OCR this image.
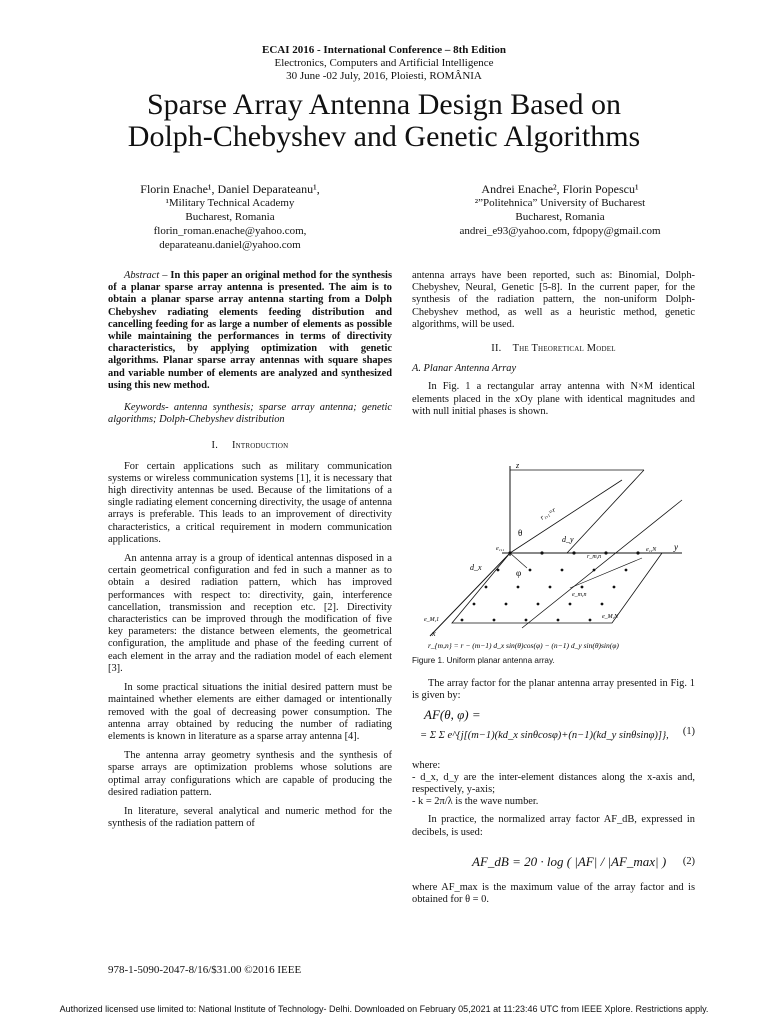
ECAI 2016 - International Conference – 8th Edition
Electronics, Computers and Artificial Intelligence
30 June -02 July, 2016, Ploiesti, ROMÂNIA
Sparse Array Antenna Design Based on
Dolph-Chebyshev and Genetic Algorithms
Florin Enache¹, Daniel Deparateanu¹,
¹Military Technical Academy
Bucharest, Romania
florin_roman.enache@yahoo.com,
deparateanu.daniel@yahoo.com
Andrei Enache², Florin Popescu¹
²”Politehnica” University of Bucharest
Bucharest, Romania
andrei_e93@yahoo.com, fdpopy@gmail.com

Abstract – In this paper an original method for the synthesis of a planar sparse array antenna is presented. The aim is to obtain a planar sparse array antenna starting from a Dolph Chebyshev radiating elements feeding distribution and cancelling feeding for as large a number of elements as possible while maintaining the performances in terms of directivity characteristics, by applying optimization with genetic algorithms. Planar sparse array antennas with square shapes and variable number of elements are analyzed and synthesized using this new method.

Keywords- antenna synthesis; sparse array antenna; genetic algorithms; Dolph-Chebyshev distribution

I. Introduction

For certain applications such as military communication systems or wireless communication systems [1], it is necessary that high directivity antennas be used. Because of the limitations of a single radiating element concerning directivity, the usage of antenna arrays is preferable. This leads to an improvement of directivity characteristics, a critical requirement in modern communication applications.

An antenna array is a group of identical antennas disposed in a certain geometrical configuration and fed in such a manner as to obtain a desired radiation pattern, which has improved performances with respect to: directivity, gain, interference cancellation, transmission and reception etc. [2]. Directivity characteristics can be improved through the modification of five key parameters: the distance between elements, the geometrical configuration, the amplitude and phase of the feeding current of each element in the array and the radiation model of each element [3].

In some practical situations the initial desired pattern must be maintained whether elements are either damaged or intentionally removed with the goal of decreasing power consumption. The antenna array obtained by reducing the number of radiating elements is known in literature as a sparse array antenna [4].

The antenna array geometry synthesis and the synthesis of sparse arrays are optimization problems whose solutions are optimal array configurations which are capable of producing the desired radiation pattern.

In literature, several analytical and numeric method for the synthesis of the radiation pattern of

antenna arrays have been reported, such as: Binomial, Dolph-Chebyshev, Neural, Genetic [5-8]. In the current paper, for the synthesis of the radiation pattern, the non-uniform Dolph-Chebyshev method, as well as a heuristic method, genetic algorithms, will be used.

II. The Theoretical Model
A. Planar Antenna Array

In Fig. 1 a rectangular array antenna with N×M identical elements placed in the xOy plane with identical magnitudes and with null initial phases is shown.

z
y
x
θ
φ
r₁,₁=r
d_y
d_x
e₁,₁	e₁,N
r_m,n
e_m,n
e_M,N
e_M,1
r_{m,n} = r − (m−1) d_x sin(θ)cos(φ) − (n−1) d_y sin(θ)sin(φ)
Figure 1. Uniform planar antenna array.

The array factor for the planar antenna array presented in Fig. 1 is given by:

AF(θ, φ) =
= Σ Σ e^{j[(m−1)(kd_x sinθcosφ)+(n−1)(kd_y sinθsinφ)]}, (1)

where:

- d_x, d_y are the inter-element distances along the x-axis and, respectively, y-axis;

- k = 2π/λ is the wave number.

In practice, the normalized array factor AF_dB, expressed in decibels, is used:

AF_dB = 20 · log ( |AF| / |AF_max| ) (2)

where AF_max is the maximum value of the array factor and is obtained for θ = 0.

978-1-5090-2047-8/16/$31.00 ©2016 IEEE
Authorized licensed use limited to: National Institute of Technology- Delhi. Downloaded on February 05,2021 at 11:23:46 UTC from IEEE Xplore. Restrictions apply.
